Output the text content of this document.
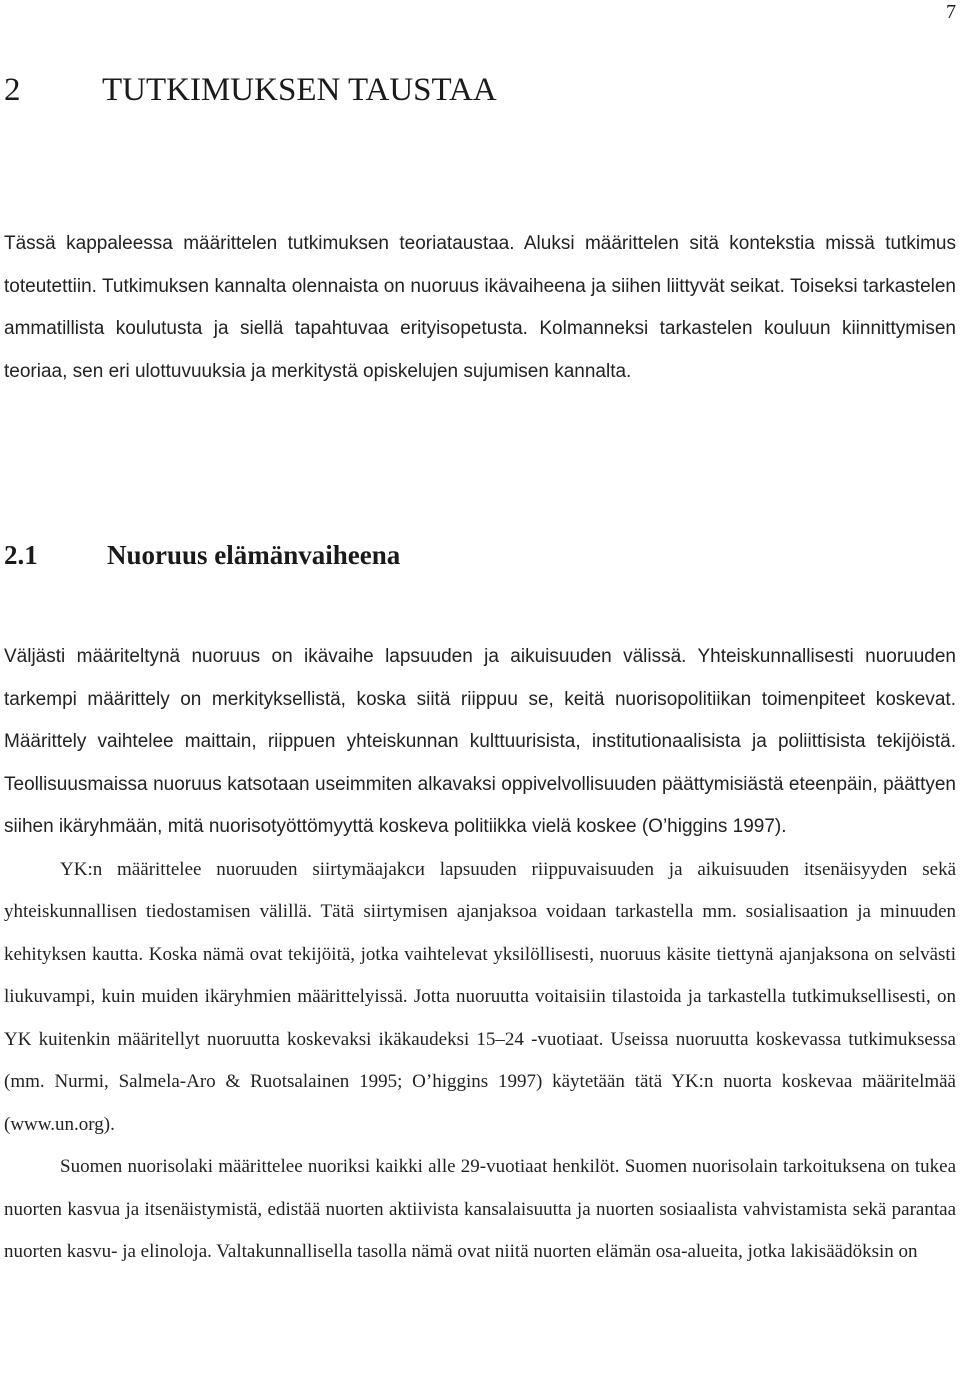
7
2	TUTKIMUKSEN TAUSTAA

Tässä kappaleessa määrittelen tutkimuksen teoriataustaa. Aluksi määrittelen sitä kontekstia missä tutkimus toteutettiin. Tutkimuksen kannalta olennaista on nuoruus ikävaiheena ja siihen liittyvät seikat. Toiseksi tarkastelen ammatillista koulutusta ja siellä tapahtuvaa erityisopetusta. Kolmanneksi tarkastelen kouluun kiinnittymisen teoriaa, sen eri ulottuvuuksia ja merkitystä opiskelujen sujumisen kannalta.

2.1	Nuoruus elämänvaiheena

Väljästi määriteltynä nuoruus on ikävaihe lapsuuden ja aikuisuuden välissä. Yhteiskunnallisesti nuoruuden tarkempi määrittely on merkityksellistä, koska siitä riippuu se, keitä nuorisopolitiikan toimenpiteet koskevat. Määrittely vaihtelee maittain, riippuen yhteiskunnan kulttuurisista, institutionaalisista ja poliittisista tekijöistä. Teollisuusmaissa nuoruus katsotaan useimmiten alkavaksi oppivelvollisuuden päättymisiästä eteenpäin, päättyen siihen ikäryhmään, mitä nuorisotyöttömyyttä koskeva politiikka vielä koskee (O’higgins 1997).

YK:n määrittelee nuoruuden siirtymäajakси lapsuuden riippuvaisuuden ja aikuisuuden itsenäisyyden sekä yhteiskunnallisen tiedostamisen välillä. Tätä siirtymisen ajanjaksoa voidaan tarkastella mm. sosialisaation ja minuuden kehityksen kautta. Koska nämä ovat tekijöitä, jotka vaihtelevat yksilöllisesti, nuoruus käsite tiettynä ajanjaksona on selvästi liukuvampi, kuin muiden ikäryhmien määrittelyissä. Jotta nuoruutta voitaisiin tilastoida ja tarkastella tutkimuksellisesti, on YK kuitenkin määritellyt nuoruutta koskevaksi ikäkaudeksi 15–24 -vuotiaat. Useissa nuoruutta koskevassa tutkimuksessa (mm. Nurmi, Salmela-Aro & Ruotsalainen 1995; O’higgins 1997) käytetään tätä YK:n nuorta koskevaa määritelmää (www.un.org).

Suomen nuorisolaki määrittelee nuoriksi kaikki alle 29-vuotiaat henkilöt. Suomen nuorisolain tarkoituksena on tukea nuorten kasvua ja itsenäistymistä, edistää nuorten aktiivista kansalaisuutta ja nuorten sosiaalista vahvistamista sekä parantaa nuorten kasvu- ja elinoloja. Valtakunnallisella tasolla nämä ovat niitä nuorten elämän osa-alueita, jotka lakisäädöksin on
